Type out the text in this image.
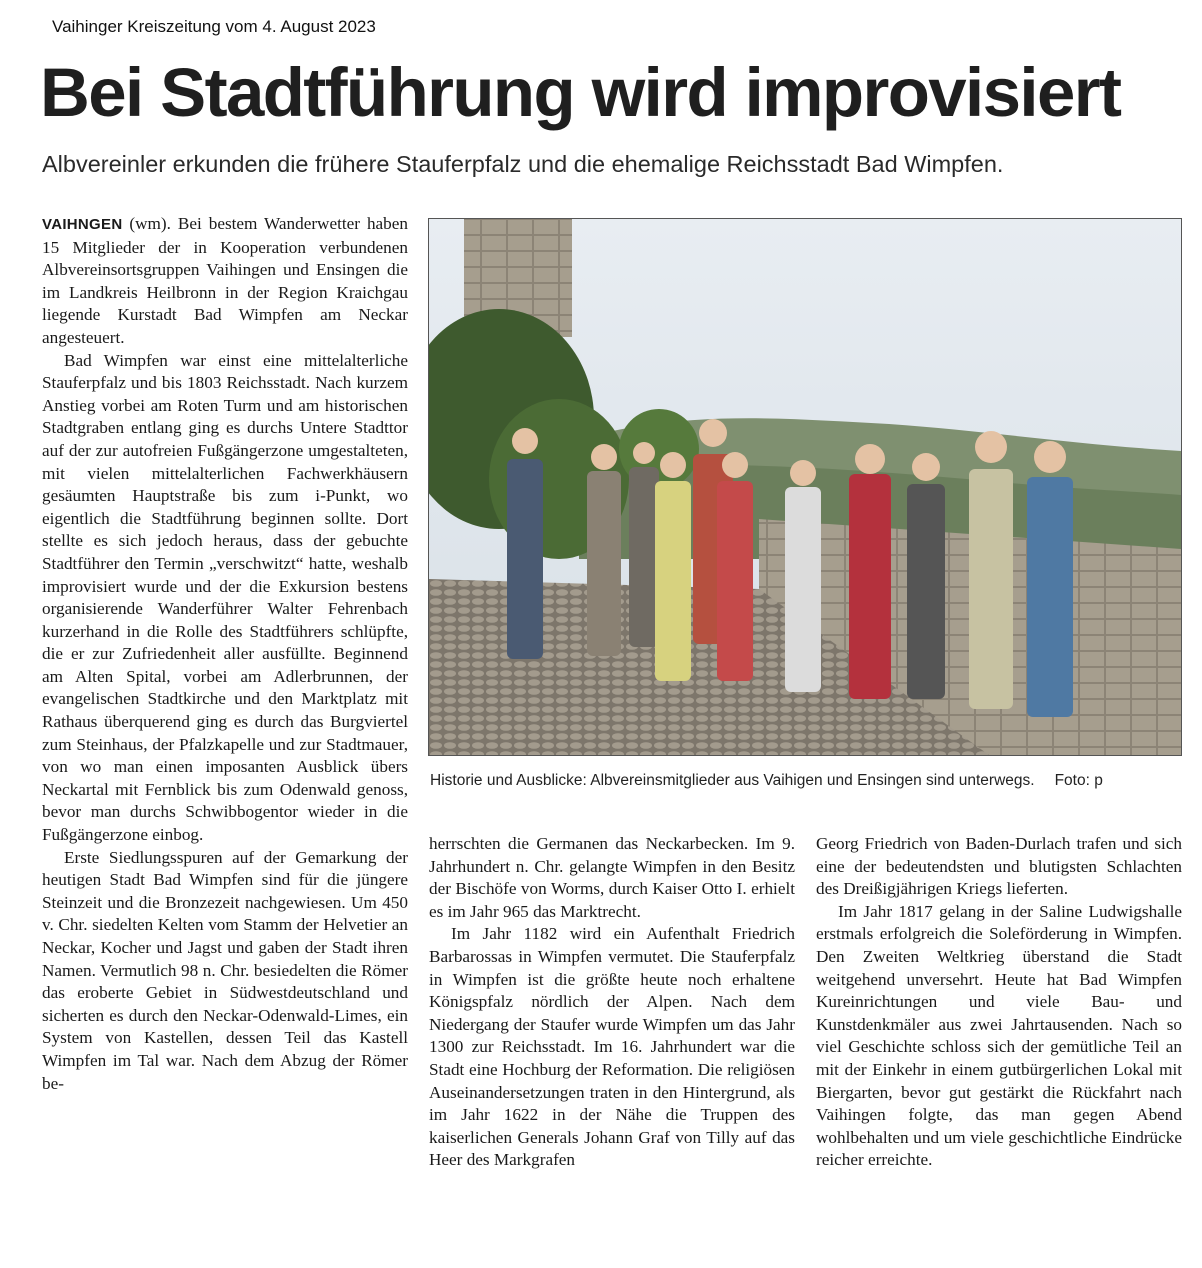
Vaihinger Kreiszeitung vom 4. August 2023
Bei Stadtführung wird improvisiert
Albvereinler erkunden die frühere Stauferpfalz und die ehemalige Reichsstadt Bad Wimpfen.

VAIHNGEN (wm). Bei bestem Wanderwetter haben 15 Mitglieder der in Kooperation verbundenen Albvereinsortsgruppen Vaihingen und Ensingen die im Landkreis Heilbronn in der Region Kraichgau liegende Kurstadt Bad Wimpfen am Neckar angesteuert.

Bad Wimpfen war einst eine mittelalterliche Stauferpfalz und bis 1803 Reichsstadt. Nach kurzem Anstieg vorbei am Roten Turm und am historischen Stadtgraben entlang ging es durchs Untere Stadttor auf der zur autofreien Fußgängerzone umgestalteten, mit vielen mittelalterlichen Fachwerkhäusern gesäumten Hauptstraße bis zum i-Punkt, wo eigentlich die Stadtführung beginnen sollte. Dort stellte es sich jedoch heraus, dass der gebuchte Stadtführer den Termin „verschwitzt“ hatte, weshalb improvisiert wurde und der die Exkursion bestens organisierende Wanderführer Walter Fehrenbach kurzerhand in die Rolle des Stadtführers schlüpfte, die er zur Zufriedenheit aller ausfüllte. Beginnend am Alten Spital, vorbei am Adlerbrunnen, der evangelischen Stadtkirche und den Marktplatz mit Rathaus überquerend ging es durch das Burgviertel zum Steinhaus, der Pfalzkapelle und zur Stadtmauer, von wo man einen imposanten Ausblick übers Neckartal mit Fernblick bis zum Odenwald genoss, bevor man durchs Schwibbogentor wieder in die Fußgängerzone einbog.

Erste Siedlungsspuren auf der Gemarkung der heutigen Stadt Bad Wimpfen sind für die jüngere Steinzeit und die Bronzezeit nachgewiesen. Um 450 v. Chr. siedelten Kelten vom Stamm der Helvetier an Neckar, Kocher und Jagst und gaben der Stadt ihren Namen. Vermutlich 98 n. Chr. besiedelten die Römer das eroberte Gebiet in Südwestdeutschland und sicherten es durch den Neckar-Odenwald-Limes, ein System von Kastellen, dessen Teil das Kastell Wimpfen im Tal war. Nach dem Abzug der Römer be-

Historie und Ausblicke: Albvereinsmitglieder aus Vaihigen und Ensingen sind unterwegs. Foto: p

herrschten die Germanen das Neckarbecken. Im 9. Jahrhundert n. Chr. gelangte Wimpfen in den Besitz der Bischöfe von Worms, durch Kaiser Otto I. erhielt es im Jahr 965 das Marktrecht.

Im Jahr 1182 wird ein Aufenthalt Friedrich Barbarossas in Wimpfen vermutet. Die Stauferpfalz in Wimpfen ist die größte heute noch erhaltene Königspfalz nördlich der Alpen. Nach dem Niedergang der Staufer wurde Wimpfen um das Jahr 1300 zur Reichsstadt. Im 16. Jahrhundert war die Stadt eine Hochburg der Reformation. Die religiösen Auseinandersetzungen traten in den Hintergrund, als im Jahr 1622 in der Nähe die Truppen des kaiserlichen Generals Johann Graf von Tilly auf das Heer des Markgrafen

Georg Friedrich von Baden-Durlach trafen und sich eine der bedeutendsten und blutigsten Schlachten des Dreißigjährigen Kriegs lieferten.

Im Jahr 1817 gelang in der Saline Ludwigshalle erstmals erfolgreich die Soleförderung in Wimpfen. Den Zweiten Weltkrieg überstand die Stadt weitgehend unversehrt. Heute hat Bad Wimpfen Kureinrichtungen und viele Bau- und Kunstdenkmäler aus zwei Jahrtausenden. Nach so viel Geschichte schloss sich der gemütliche Teil an mit der Einkehr in einem gutbürgerlichen Lokal mit Biergarten, bevor gut gestärkt die Rückfahrt nach Vaihingen folgte, das man gegen Abend wohlbehalten und um viele geschichtliche Eindrücke reicher erreichte.
